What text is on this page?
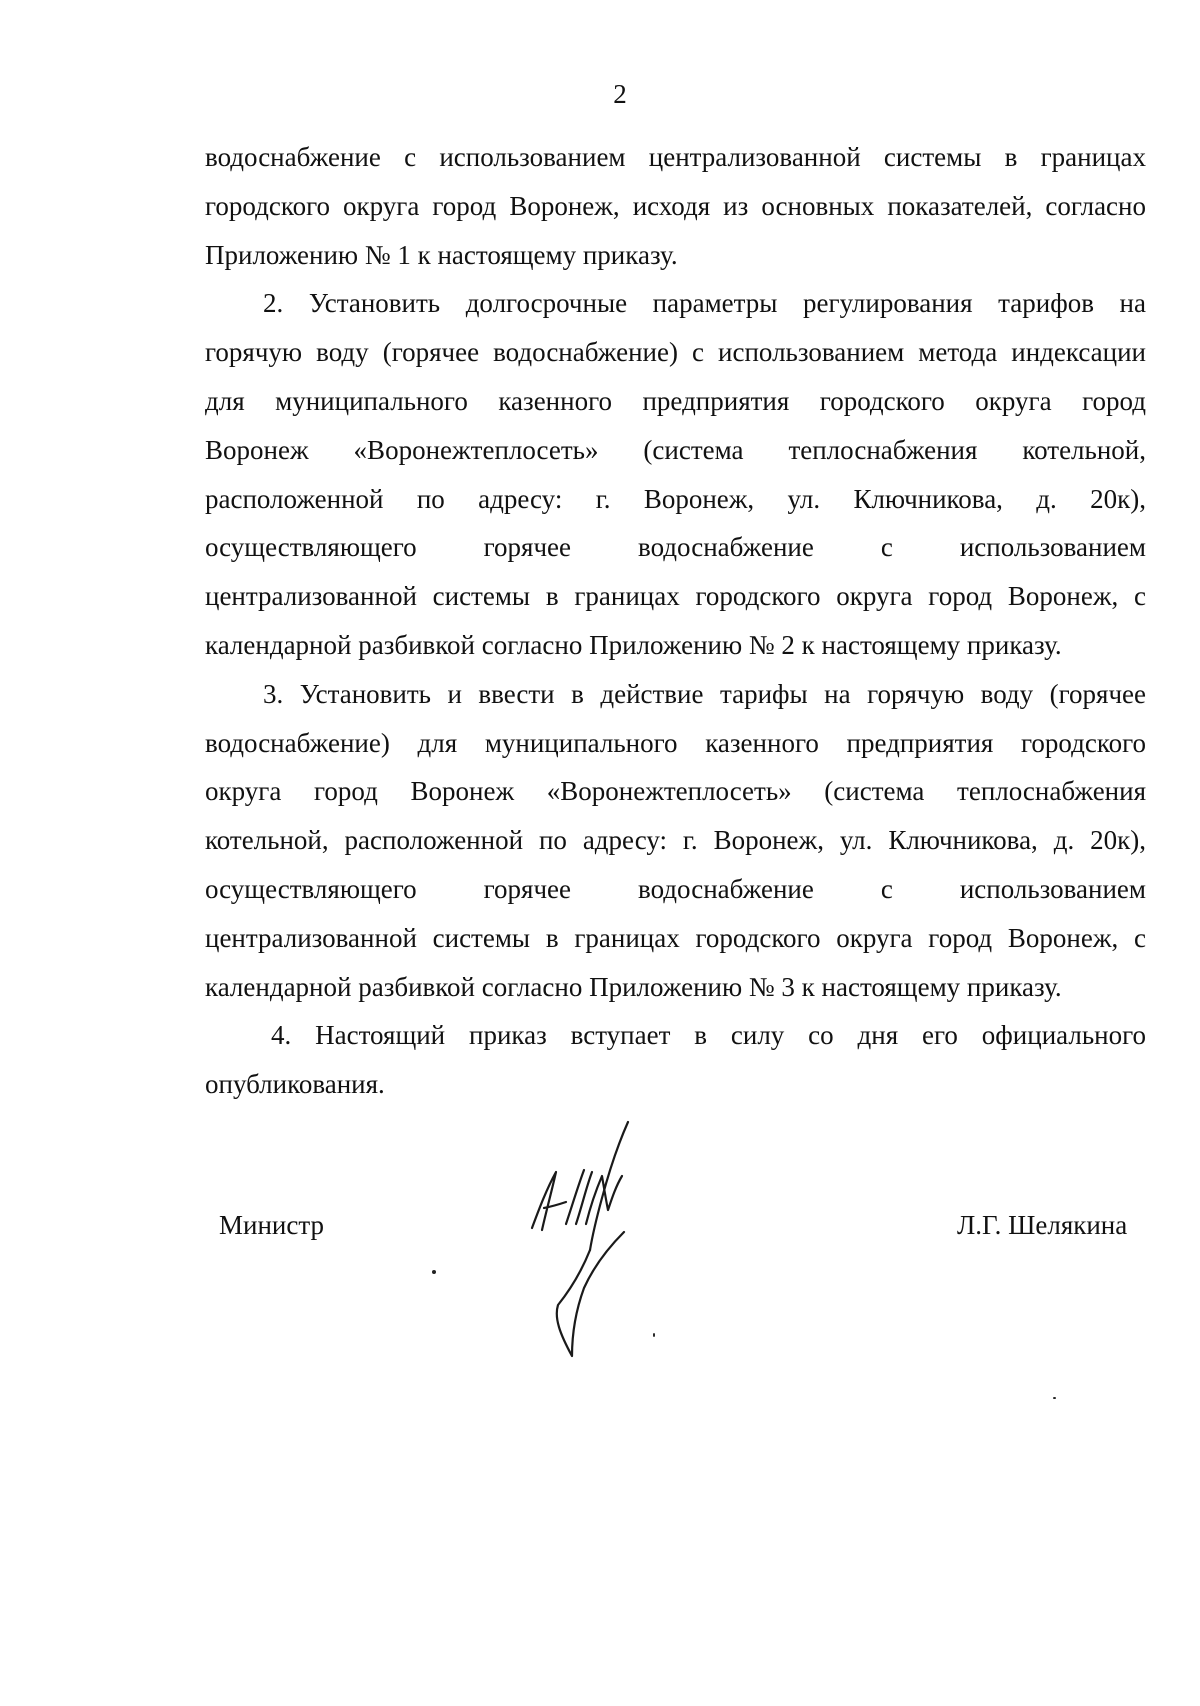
2

водоснабжение с использованием централизованной системы в границах
городского округа город Воронеж, исходя из основных показателей, согласно
Приложению № 1 к настоящему приказу.

2. Установить долгосрочные параметры регулирования тарифов на
горячую воду (горячее водоснабжение) с использованием метода индексации
для муниципального казенного предприятия городского округа город
Воронеж «Воронежтеплосеть» (система теплоснабжения котельной,
расположенной по адресу: г. Воронеж, ул. Ключникова, д. 20к),
осуществляющего горячее водоснабжение с использованием
централизованной системы в границах городского округа город Воронеж, с
календарной разбивкой согласно Приложению № 2 к настоящему приказу.

3. Установить и ввести в действие тарифы на горячую воду (горячее
водоснабжение) для муниципального казенного предприятия городского
округа город Воронеж «Воронежтеплосеть» (система теплоснабжения
котельной, расположенной по адресу: г. Воронеж, ул. Ключникова, д. 20к),
осуществляющего горячее водоснабжение с использованием
централизованной системы в границах городского округа город Воронеж, с
календарной разбивкой согласно Приложению № 3 к настоящему приказу.

4. Настоящий приказ вступает в силу со дня его официального
опубликования.

Министр	Л.Г. Шелякина
